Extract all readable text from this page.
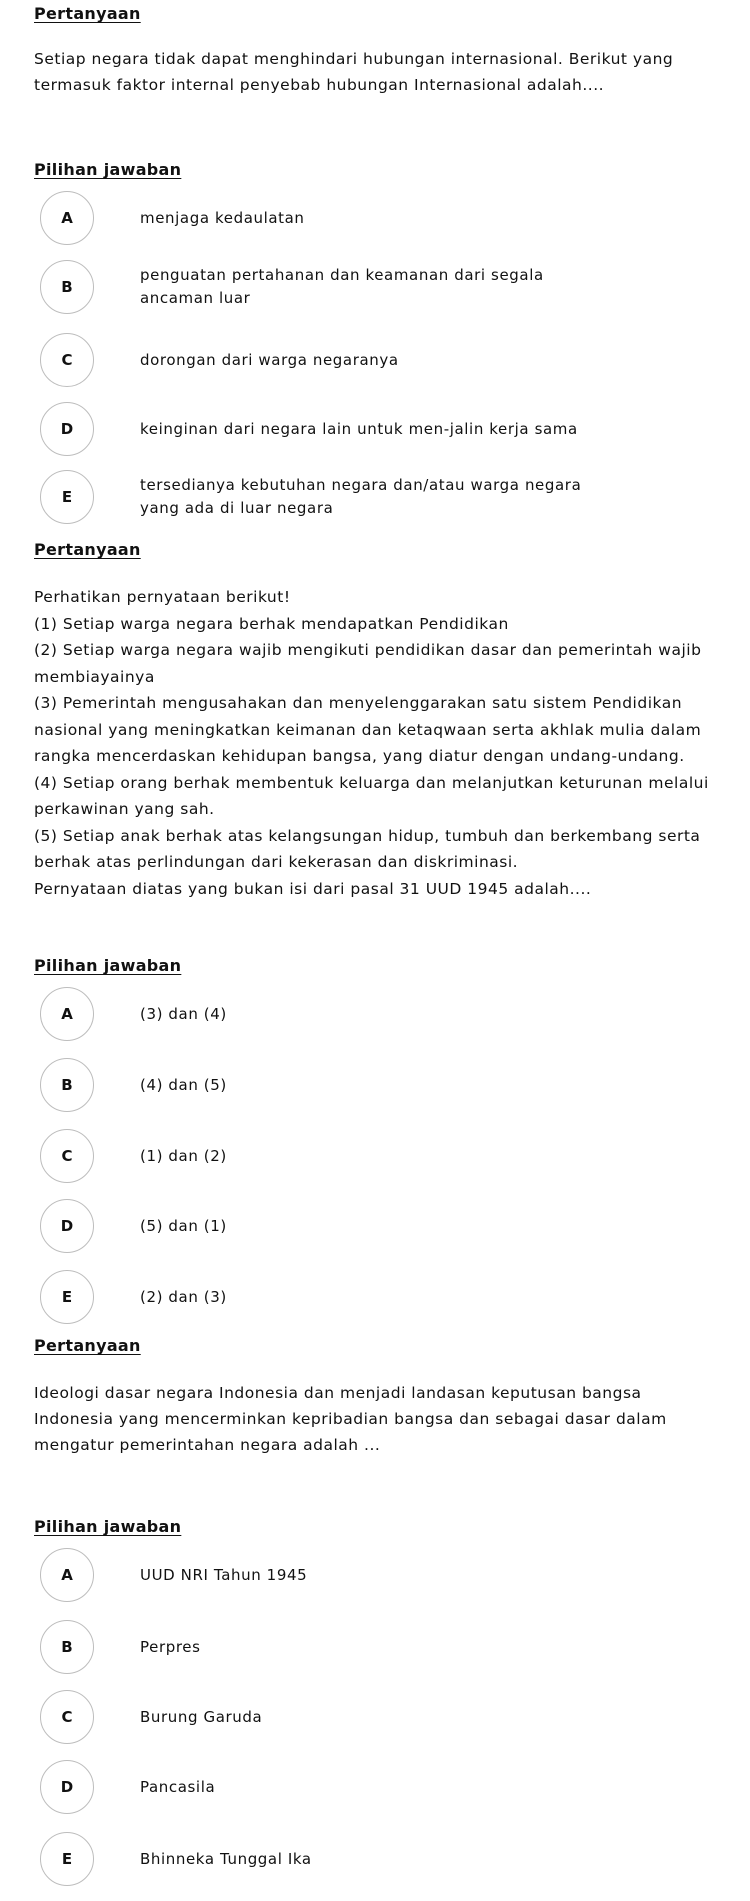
Pertanyaan
Setiap negara tidak dapat menghindari hubungan internasional. Berikut yang termasuk faktor internal penyebab hubungan Internasional adalah....
Pilihan jawaban
A	menjaga kedaulatan
B
penguatan pertahanan dan keamanan dari segala ancaman luar
C	dorongan dari warga negaranya
D	keinginan dari negara lain untuk men-jalin kerja sama
E
tersedianya kebutuhan negara dan/atau warga negara yang ada di luar negara
Pertanyaan

Perhatikan pernyataan berikut!

(1) Setiap warga negara berhak mendapatkan Pendidikan

(2) Setiap warga negara wajib mengikuti pendidikan dasar dan pemerintah wajib membiayainya

(3) Pemerintah mengusahakan dan menyelenggarakan satu sistem Pendidikan nasional yang meningkatkan keimanan dan ketaqwaan serta akhlak mulia dalam rangka mencerdaskan kehidupan bangsa, yang diatur dengan undang-undang.

(4) Setiap orang berhak membentuk keluarga dan melanjutkan keturunan melalui perkawinan yang sah.

(5) Setiap anak berhak atas kelangsungan hidup, tumbuh dan berkembang serta berhak atas perlindungan dari kekerasan dan diskriminasi.

Pernyataan diatas yang bukan isi dari pasal 31 UUD 1945 adalah....

Pilihan jawaban
A	(3) dan (4)
B	(4) dan (5)
C	(1) dan (2)
D	(5) dan (1)
E	(2) dan (3)
Pertanyaan
Ideologi dasar negara Indonesia dan menjadi landasan keputusan bangsa Indonesia yang mencerminkan kepribadian bangsa dan sebagai dasar dalam mengatur pemerintahan negara adalah ...
Pilihan jawaban
A	UUD NRI Tahun 1945
B	Perpres
C	Burung Garuda
D	Pancasila
E	Bhinneka Tunggal Ika
